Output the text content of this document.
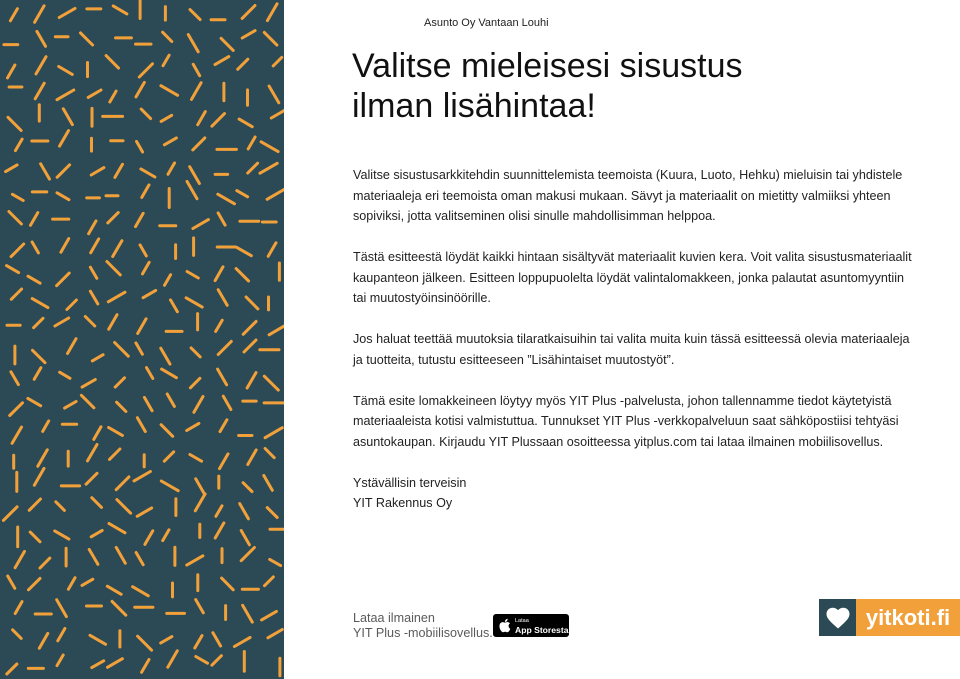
Asunto Oy Vantaan Louhi
Valitse mieleisesi sisustus
ilman lisähintaa!

Valitse sisustusarkkitehdin suunnittelemista teemoista (Kuura, Luoto, Hehku) mieluisin tai yhdistele materiaaleja eri teemoista oman makusi mukaan. Sävyt ja materiaalit on mietitty valmiiksi yhteen sopiviksi, jotta valitseminen olisi sinulle mahdollisimman helppoa.

Tästä esitteestä löydät kaikki hintaan sisältyvät materiaalit kuvien kera. Voit valita sisustusmateriaalit kaupanteon jälkeen. Esitteen loppupuolelta löydät valintalomakkeen, jonka palautat asuntomyyntiin tai muutostyöinsinöörille.

Jos haluat teettää muutoksia tilaratkaisuihin tai valita muita kuin tässä esitteessä olevia materiaaleja ja tuotteita, tutustu esitteeseen ”Lisähintaiset muutostyöt”.

Tämä esite lomakkeineen löytyy myös YIT Plus -palvelusta, johon tallennamme tiedot käytetyistä materiaaleista kotisi valmistuttua. Tunnukset YIT Plus -verkkopalveluun saat sähköpostiisi tehtyäsi asuntokaupan. Kirjaudu YIT Plussaan osoitteessa yitplus.com tai lataa ilmainen mobiilisovellus.

Ystävällisin terveisin
YIT Rakennus Oy

Lataa ilmainen
YIT Plus -mobiilisovellus.
Lataa
App Storesta	yitkoti.fi
